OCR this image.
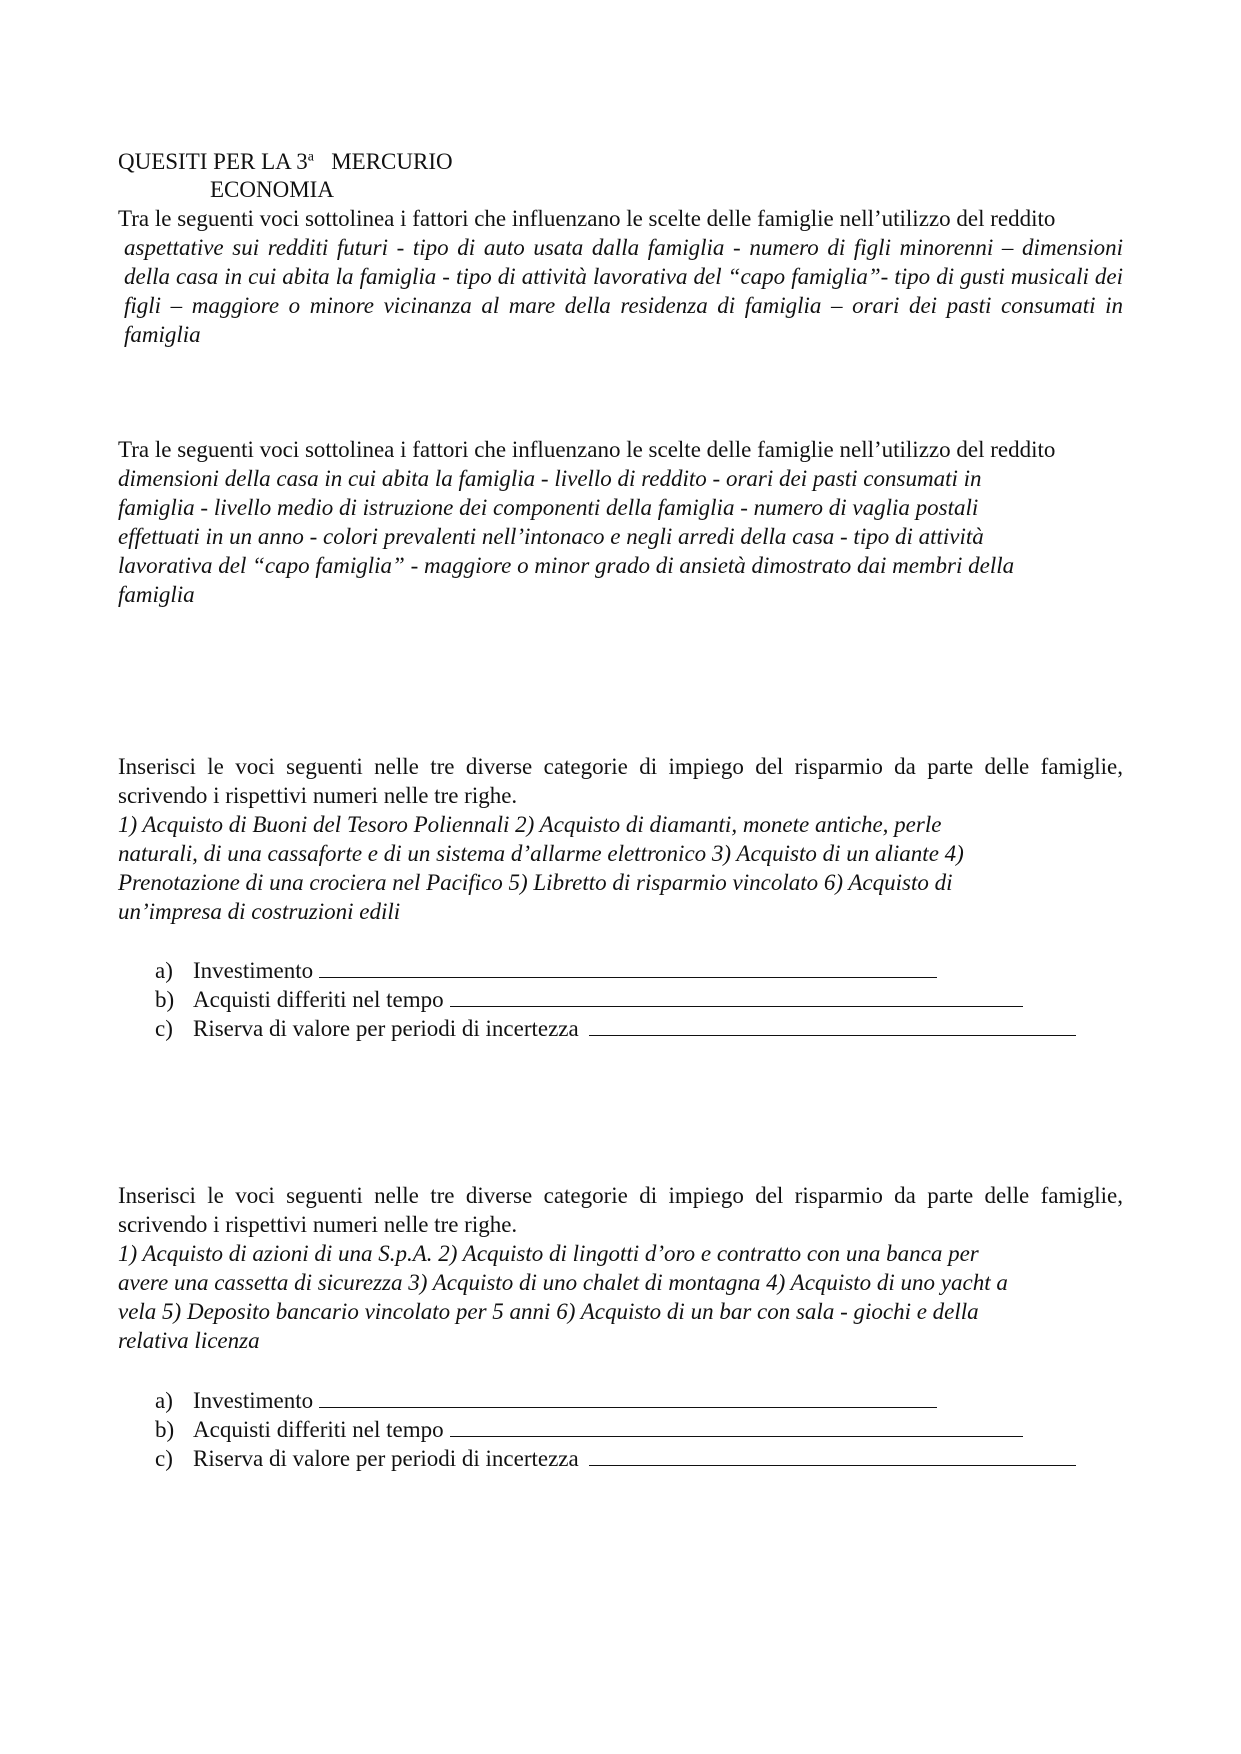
QUESITI PER LA 3$^a$ MERCURIO
ECONOMIA
Tra le seguenti voci sottolinea i fattori che influenzano le scelte delle famiglie nell’utilizzo del reddito
aspettative sui redditi futuri - tipo di auto usata dalla famiglia - numero di figli minorenni – dimensioni della casa in cui abita la famiglia - tipo di attività lavorativa del “capo famiglia”- tipo di gusti musicali dei figli – maggiore o minore vicinanza al mare della residenza di famiglia – orari dei pasti consumati in famiglia
Tra le seguenti voci sottolinea i fattori che influenzano le scelte delle famiglie nell’utilizzo del reddito
dimensioni della casa in cui abita la famiglia - livello di reddito - orari dei pasti consumati in
famiglia - livello medio di istruzione dei componenti della famiglia - numero di vaglia postali
effettuati in un anno - colori prevalenti nell’intonaco e negli arredi della casa - tipo di attività
lavorativa del “capo famiglia” - maggiore o minor grado di ansietà dimostrato dai membri della
famiglia
Inserisci le voci seguenti nelle tre diverse categorie di impiego del risparmio da parte delle famiglie, scrivendo i rispettivi numeri nelle tre righe.
1) Acquisto di Buoni del Tesoro Poliennali 2) Acquisto di diamanti, monete antiche, perle
naturali, di una cassaforte e di un sistema d’allarme elettronico 3) Acquisto di un aliante 4)
Prenotazione di una crociera nel Pacifico 5) Libretto di risparmio vincolato 6) Acquisto di
un’impresa di costruzioni edili
a) Investimento
b) Acquisti differiti nel tempo
c) Riserva di valore per periodi di incertezza
Inserisci le voci seguenti nelle tre diverse categorie di impiego del risparmio da parte delle famiglie, scrivendo i rispettivi numeri nelle tre righe.
1) Acquisto di azioni di una S.p.A. 2) Acquisto di lingotti d’oro e contratto con una banca per
avere una cassetta di sicurezza 3) Acquisto di uno chalet di montagna 4) Acquisto di uno yacht a
vela 5) Deposito bancario vincolato per 5 anni 6) Acquisto di un bar con sala - giochi e della
relativa licenza
a) Investimento
b) Acquisti differiti nel tempo
c) Riserva di valore per periodi di incertezza
